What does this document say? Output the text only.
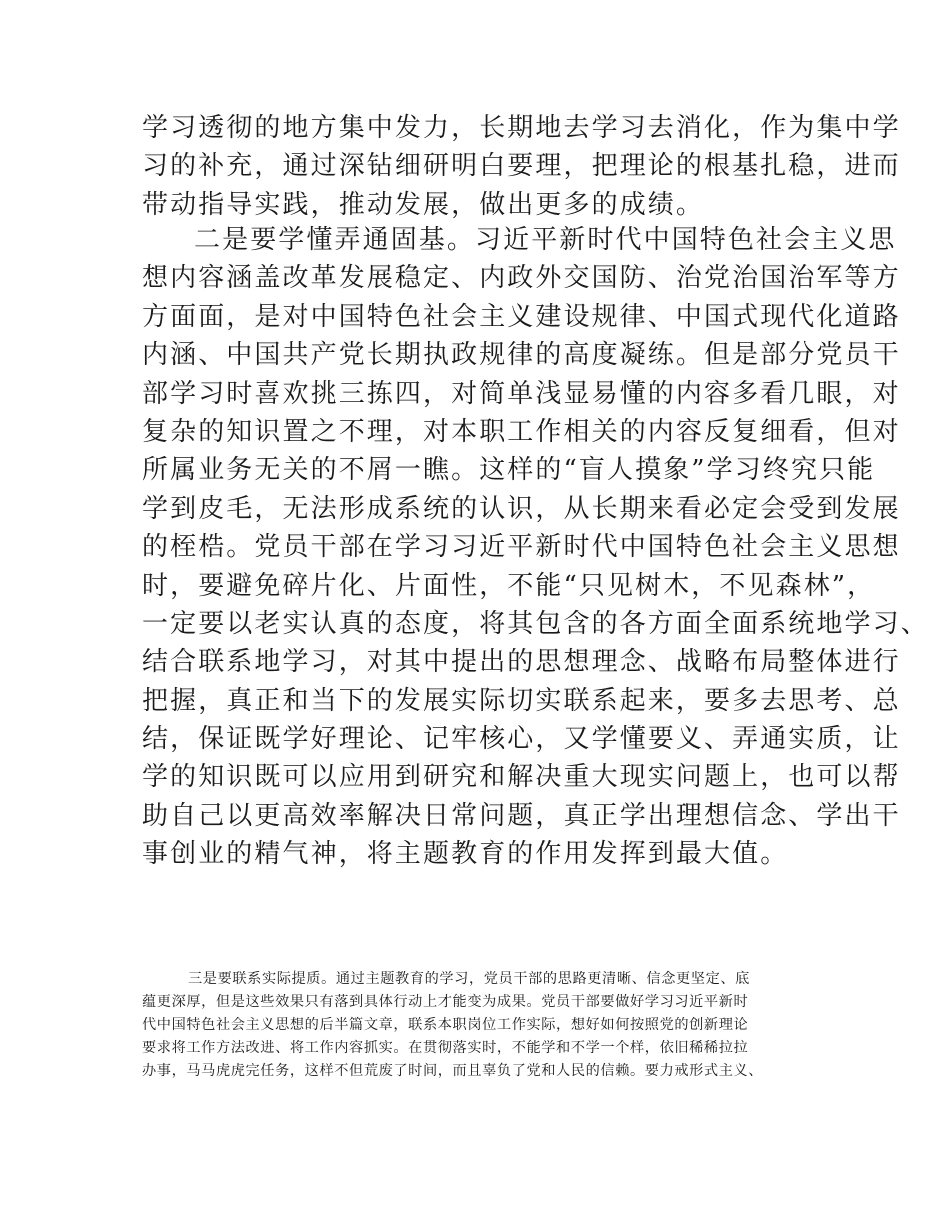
学习透彻的地方集中发力，长期地去学习去消化，作为集中学
习的补充，通过深钻细研明白要理，把理论的根基扎稳，进而
带动指导实践，推动发展，做出更多的成绩。
二是要学懂弄通固基。习近平新时代中国特色社会主义思
想内容涵盖改革发展稳定、内政外交国防、治党治国治军等方
方面面，是对中国特色社会主义建设规律、中国式现代化道路
内涵、中国共产党长期执政规律的高度凝练。但是部分党员干
部学习时喜欢挑三拣四，对简单浅显易懂的内容多看几眼，对
复杂的知识置之不理，对本职工作相关的内容反复细看，但对
所属业务无关的不屑一瞧。这样的“盲人摸象”学习终究只能
学到皮毛，无法形成系统的认识，从长期来看必定会受到发展
的桎梏。党员干部在学习习近平新时代中国特色社会主义思想
时，要避免碎片化、片面性，不能“只见树木，不见森林”，
一定要以老实认真的态度，将其包含的各方面全面系统地学习、
结合联系地学习，对其中提出的思想理念、战略布局整体进行
把握，真正和当下的发展实际切实联系起来，要多去思考、总
结，保证既学好理论、记牢核心，又学懂要义、弄通实质，让
学的知识既可以应用到研究和解决重大现实问题上，也可以帮
助自己以更高效率解决日常问题，真正学出理想信念、学出干
事创业的精气神，将主题教育的作用发挥到最大值。
三是要联系实际提质。通过主题教育的学习，党员干部的思路更清晰、信念更坚定、底
蕴更深厚，但是这些效果只有落到具体行动上才能变为成果。党员干部要做好学习习近平新时
代中国特色社会主义思想的后半篇文章，联系本职岗位工作实际，想好如何按照党的创新理论
要求将工作方法改进、将工作内容抓实。在贯彻落实时，不能学和不学一个样，依旧稀稀拉拉
办事，马马虎虎完任务，这样不但荒废了时间，而且辜负了党和人民的信赖。要力戒形式主义、
